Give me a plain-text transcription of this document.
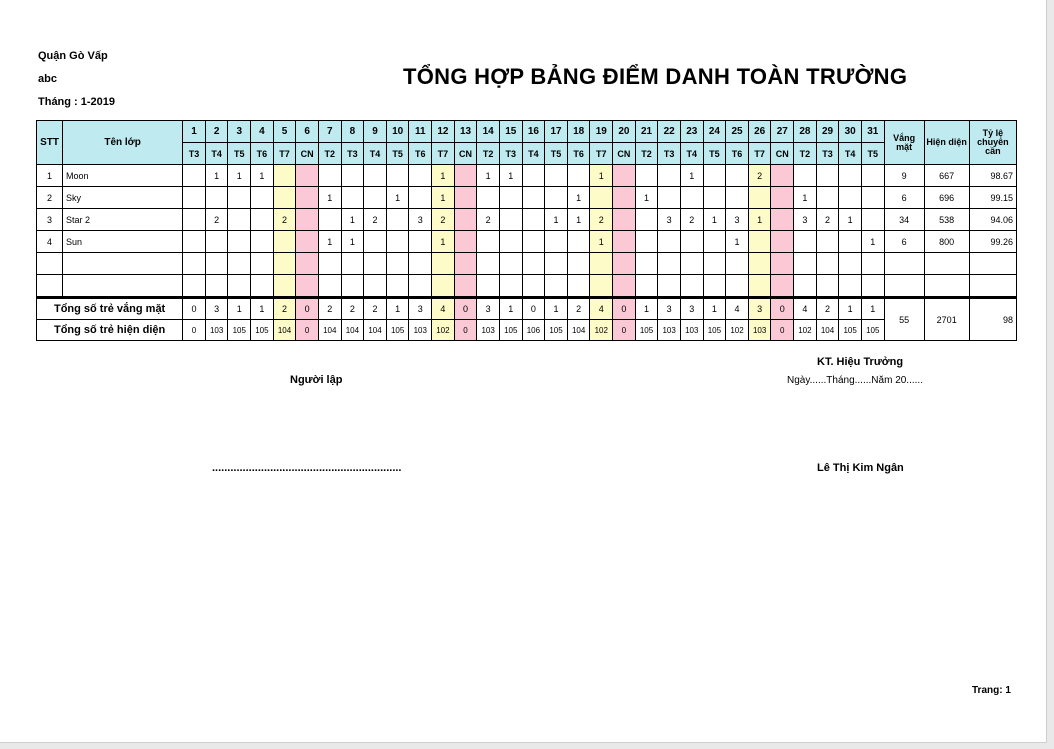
Quận Gò Vấp
abc
Tháng : 1-2019
TỔNG HỢP BẢNG ĐIỂM DANH TOÀN TRƯỜNG
STT	Tên lớp	1	2	3	4	5	6	7	8	9	10	11	12	13	14	15	16	17	18	19	20	21	22	23	24	25	26	27	28	29	30	31	Vắng mặt	Hiện diện	Tỷ lệ chuyên cần
		T3	T4	T5	T6	T7	CN	T2	T3	T4	T5	T6	T7	CN	T2	T3	T4	T5	T6	T7	CN	T2	T3	T4	T5	T6	T7	CN	T2	T3	T4	T5			
1	Moon		1	1	1								1		1	1				1				1			2						9	667	98.67
2	Sky							1			1		1						1			1							1				6	696	99.15
3	Star 2		2			2			1	2		3	2		2			1	1	2			3	2	1	3	1		3	2	1		34	538	94.06
4	Sun							1	1				1							1						1						1	6	800	99.26

Tổng số trẻ vắng mặt		0	3	1	1	2	0	2	2	2	1	3	4	0	3	1	0	1	2	4	0	1	3	3	1	4	3	0	4	2	1	1	55	2701	98
Tổng số trẻ hiện diện		0	103	105	105	104	0	104	104	104	105	103	102	0	103	105	106	105	104	102	0	105	103	103	105	102	103	0	102	104	105	105			
Người lập
..............................................................
KT. Hiệu Trưởng
Ngày......Tháng......Năm 20......
Lê Thị Kim Ngân
Trang: 1
